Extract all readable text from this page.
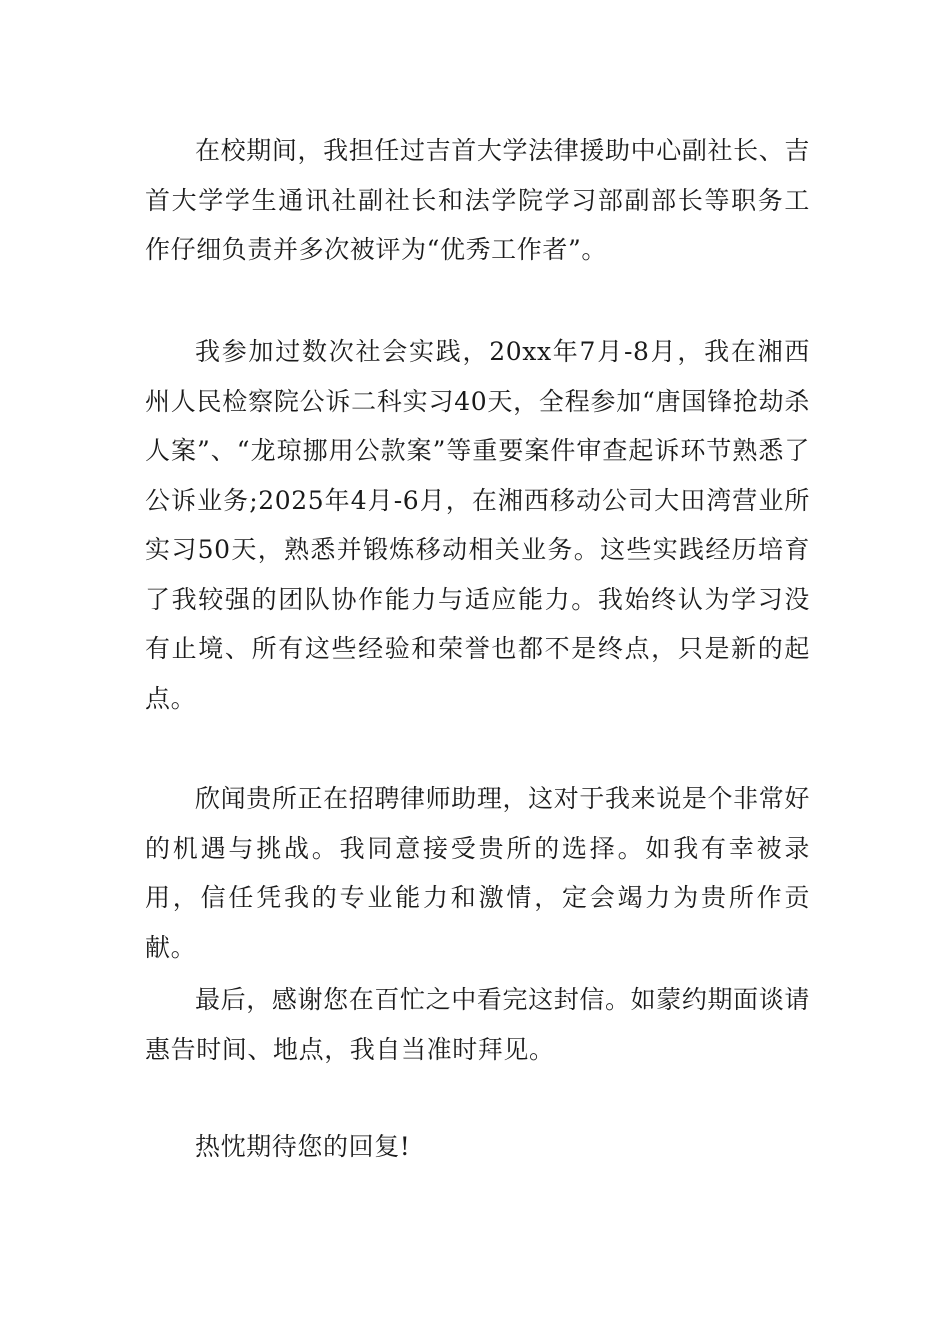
在校期间，我担任过吉首大学法律援助中心副社长、吉首大学学生通讯社副社长和法学院学习部副部长等职务工作仔细负责并多次被评为“优秀工作者”。

我参加过数次社会实践，20xx年7月-8月，我在湘西州人民检察院公诉二科实习40天，全程参加“唐国锋抢劫杀人案”、“龙琼挪用公款案”等重要案件审查起诉环节熟悉了公诉业务;2025年4月-6月，在湘西移动公司大田湾营业所实习50天，熟悉并锻炼移动相关业务。这些实践经历培育了我较强的团队协作能力与适应能力。我始终认为学习没有止境、所有这些经验和荣誉也都不是终点，只是新的起点。

欣闻贵所正在招聘律师助理，这对于我来说是个非常好的机遇与挑战。我同意接受贵所的选择。如我有幸被录用，信任凭我的专业能力和激情，定会竭力为贵所作贡献。

最后，感谢您在百忙之中看完这封信。如蒙约期面谈请惠告时间、地点，我自当准时拜见。

热忱期待您的回复!
